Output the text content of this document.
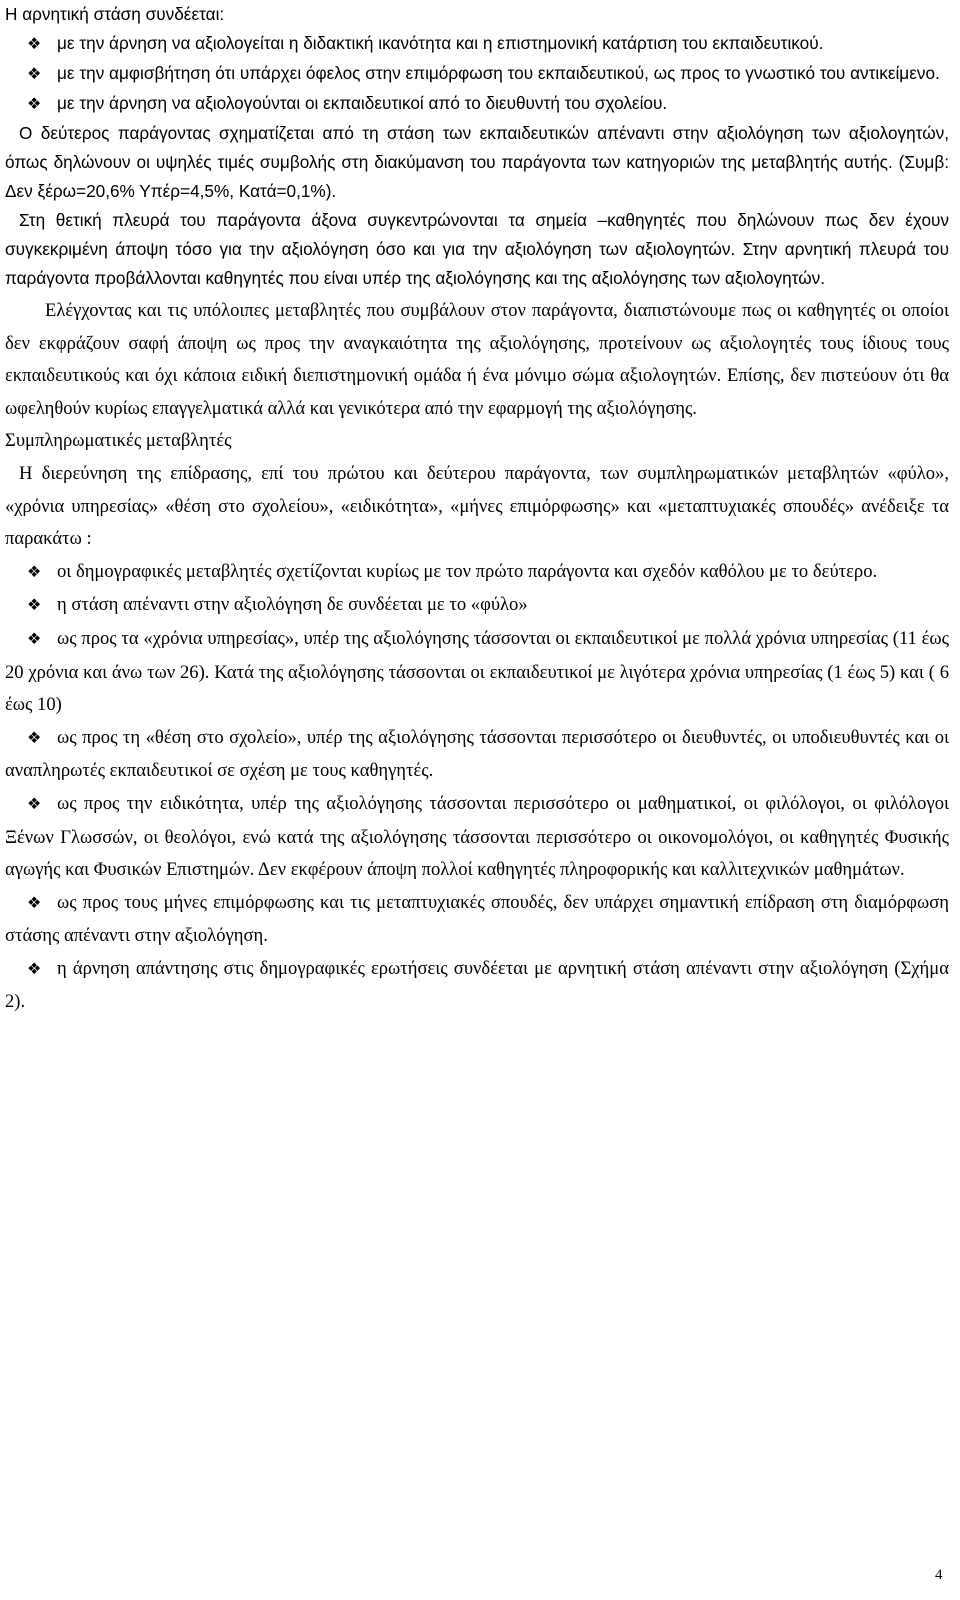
Η αρνητική στάση συνδέεται:

❖ με την άρνηση να αξιολογείται η διδακτική ικανότητα και η επιστημονική κατάρτιση του εκπαιδευτικού.

❖ με την αμφισβήτηση ότι υπάρχει όφελος στην επιμόρφωση του εκπαιδευτικού, ως προς το γνωστικό του αντικείμενο.

❖ με την άρνηση να αξιολογούνται οι εκπαιδευτικοί από το διευθυντή του σχολείου.

Ο δεύτερος παράγοντας σχηματίζεται από τη στάση των εκπαιδευτικών απέναντι στην αξιολόγηση των αξιολογητών, όπως δηλώνουν οι υψηλές τιμές συμβολής στη διακύμανση του παράγοντα των κατηγοριών της μεταβλητής αυτής. (Συμβ: Δεν ξέρω=20,6% Υπέρ=4,5%, Κατά=0,1%).

Στη θετική πλευρά του παράγοντα άξονα συγκεντρώνονται τα σημεία –καθηγητές που δηλώνουν πως δεν έχουν συγκεκριμένη άποψη τόσο για την αξιολόγηση όσο και για την αξιολόγηση των αξιολογητών. Στην αρνητική πλευρά του παράγοντα προβάλλονται καθηγητές που είναι υπέρ της αξιολόγησης και της αξιολόγησης των αξιολογητών.

Ελέγχοντας και τις υπόλοιπες μεταβλητές που συμβάλουν στον παράγοντα, διαπιστώνουμε πως οι καθηγητές οι οποίοι δεν εκφράζουν σαφή άποψη ως προς την αναγκαιότητα της αξιολόγησης, προτείνουν ως αξιολογητές τους ίδιους τους εκπαιδευτικούς και όχι κάποια ειδική διεπιστημονική ομάδα ή ένα μόνιμο σώμα αξιολογητών. Επίσης, δεν πιστεύουν ότι θα ωφεληθούν κυρίως επαγγελματικά αλλά και γενικότερα από την εφαρμογή της αξιολόγησης.

Συμπληρωματικές μεταβλητές

Η διερεύνηση της επίδρασης, επί του πρώτου και δεύτερου παράγοντα, των συμπληρωματικών μεταβλητών «φύλο», «χρόνια υπηρεσίας» «θέση στο σχολείου», «ειδικότητα», «μήνες επιμόρφωσης» και «μεταπτυχιακές σπουδές» ανέδειξε τα παρακάτω :

❖ οι δημογραφικές μεταβλητές σχετίζονται κυρίως με τον πρώτο παράγοντα και σχεδόν καθόλου με το δεύτερο.

❖ η στάση απέναντι στην αξιολόγηση δε συνδέεται με το «φύλο»

❖ ως προς τα «χρόνια υπηρεσίας», υπέρ της αξιολόγησης τάσσονται οι εκπαιδευτικοί με πολλά χρόνια υπηρεσίας (11 έως 20 χρόνια και άνω των 26). Κατά της αξιολόγησης τάσσονται οι εκπαιδευτικοί με λιγότερα χρόνια υπηρεσίας (1 έως 5) και ( 6 έως 10)

❖ ως προς τη «θέση στο σχολείο», υπέρ της αξιολόγησης τάσσονται περισσότερο οι διευθυντές, οι υποδιευθυντές και οι αναπληρωτές εκπαιδευτικοί σε σχέση με τους καθηγητές.

❖ ως προς την ειδικότητα, υπέρ της αξιολόγησης τάσσονται περισσότερο οι μαθηματικοί, οι φιλόλογοι, οι φιλόλογοι Ξένων Γλωσσών, οι θεολόγοι, ενώ κατά της αξιολόγησης τάσσονται περισσότερο οι οικονομολόγοι, οι καθηγητές Φυσικής αγωγής και Φυσικών Επιστημών. Δεν εκφέρουν άποψη πολλοί καθηγητές πληροφορικής και καλλιτεχνικών μαθημάτων.

❖ ως προς τους μήνες επιμόρφωσης και τις μεταπτυχιακές σπουδές, δεν υπάρχει σημαντική επίδραση στη διαμόρφωση στάσης απέναντι στην αξιολόγηση.

❖ η άρνηση απάντησης στις δημογραφικές ερωτήσεις συνδέεται με αρνητική στάση απέναντι στην αξιολόγηση (Σχήμα 2).

4
